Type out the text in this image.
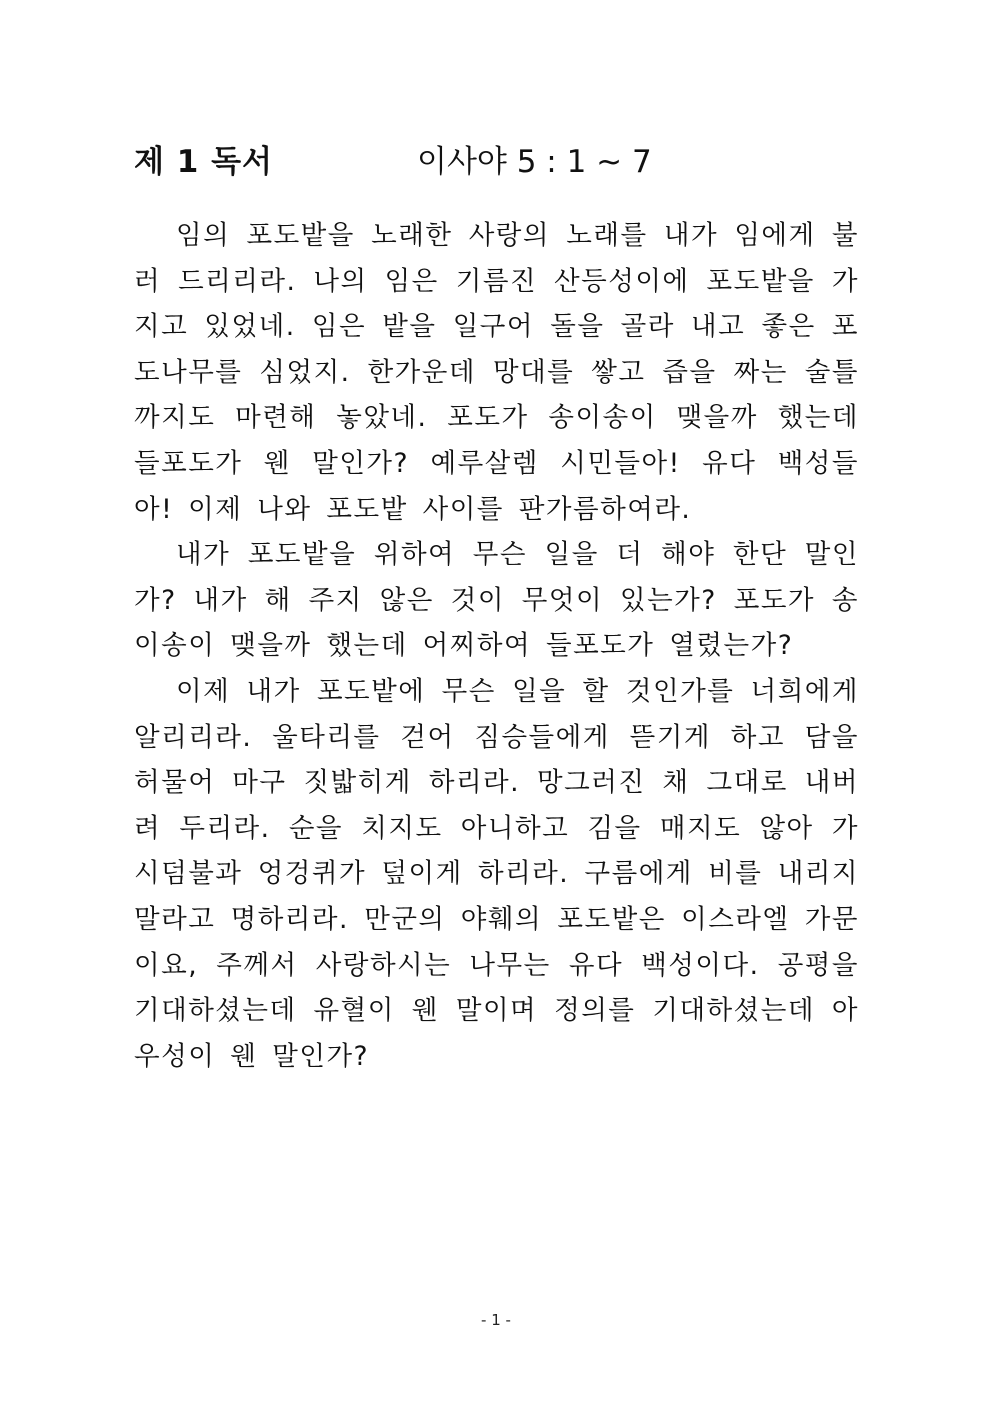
제 1 독서	이사야 5 : 1 ~ 7

임의 포도밭을 노래한 사랑의 노래를 내가 임에게 불러 드리리라. 나의 임은 기름진 산등성이에 포도밭을 가지고 있었네. 임은 밭을 일구어 돌을 골라 내고 좋은 포도나무를 심었지. 한가운데 망대를 쌓고 즙을 짜는 술틀까지도 마련해 놓았네. 포도가 송이송이 맺을까 했는데 들포도가 웬 말인가? 예루살렘 시민들아! 유다 백성들아! 이제 나와 포도밭 사이를 판가름하여라.

내가 포도밭을 위하여 무슨 일을 더 해야 한단 말인가? 내가 해 주지 않은 것이 무엇이 있는가? 포도가 송이송이 맺을까 했는데 어찌하여 들포도가 열렸는가?

이제 내가 포도밭에 무슨 일을 할 것인가를 너희에게 알리리라. 울타리를 걷어 짐승들에게 뜯기게 하고 담을 허물어 마구 짓밟히게 하리라. 망그러진 채 그대로 내버려 두리라. 순을 치지도 아니하고 김을 매지도 않아 가시덤불과 엉겅퀴가 덮이게 하리라. 구름에게 비를 내리지 말라고 명하리라. 만군의 야훼의 포도밭은 이스라엘 가문이요, 주께서 사랑하시는 나무는 유다 백성이다. 공평을 기대하셨는데 유혈이 웬 말이며 정의를 기대하셨는데 아우성이 웬 말인가?

- 1 -
